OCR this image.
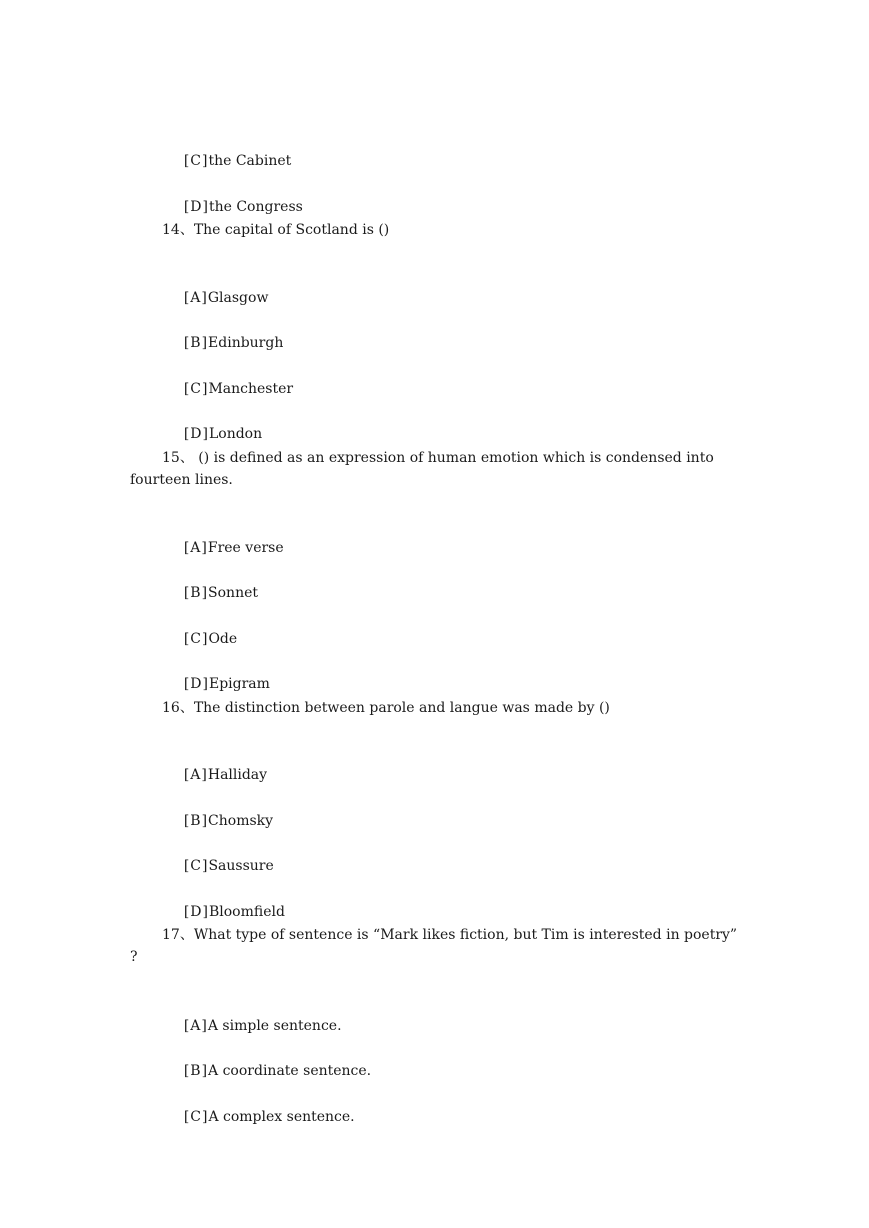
[C]the Cabinet

[D]the Congress

14、The capital of Scotland is ()

[A]Glasgow

[B]Edinburgh

[C]Manchester

[D]London

15、 () is defined as an expression of human emotion which is condensed into fourteen lines.

[A]Free verse

[B]Sonnet

[C]Ode

[D]Epigram

16、The distinction between parole and langue was made by ()

[A]Halliday

[B]Chomsky

[C]Saussure

[D]Bloomfield

17、What type of sentence is “Mark likes fiction, but Tim is interested in poetry” ?

[A]A simple sentence.

[B]A coordinate sentence.

[C]A complex sentence.
